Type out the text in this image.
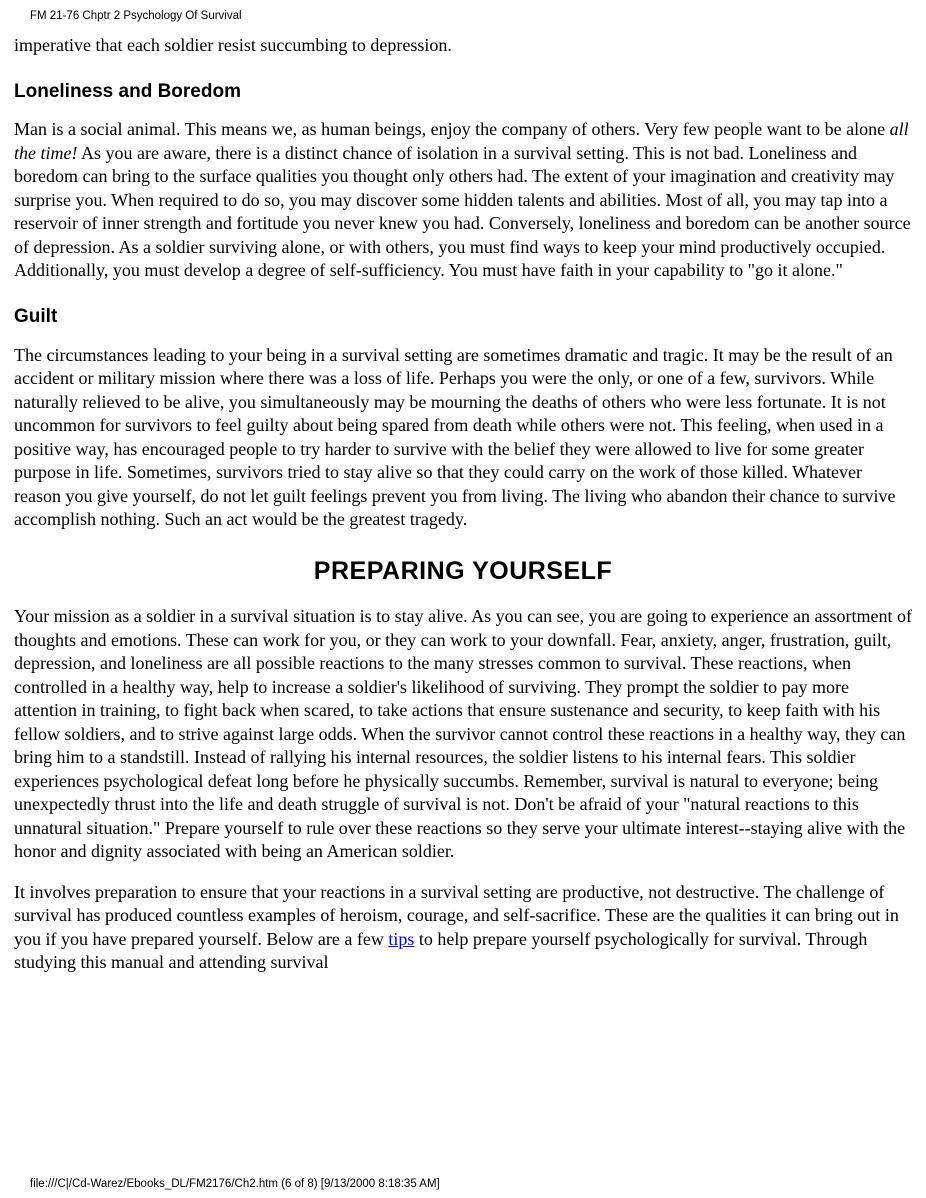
FM 21-76 Chptr 2 Psychology Of Survival

imperative that each soldier resist succumbing to depression.

Loneliness and Boredom

Man is a social animal. This means we, as human beings, enjoy the company of others. Very few people want to be alone all the time! As you are aware, there is a distinct chance of isolation in a survival setting. This is not bad. Loneliness and boredom can bring to the surface qualities you thought only others had. The extent of your imagination and creativity may surprise you. When required to do so, you may discover some hidden talents and abilities. Most of all, you may tap into a reservoir of inner strength and fortitude you never knew you had. Conversely, loneliness and boredom can be another source of depression. As a soldier surviving alone, or with others, you must find ways to keep your mind productively occupied. Additionally, you must develop a degree of self-sufficiency. You must have faith in your capability to "go it alone."

Guilt

The circumstances leading to your being in a survival setting are sometimes dramatic and tragic. It may be the result of an accident or military mission where there was a loss of life. Perhaps you were the only, or one of a few, survivors. While naturally relieved to be alive, you simultaneously may be mourning the deaths of others who were less fortunate. It is not uncommon for survivors to feel guilty about being spared from death while others were not. This feeling, when used in a positive way, has encouraged people to try harder to survive with the belief they were allowed to live for some greater purpose in life. Sometimes, survivors tried to stay alive so that they could carry on the work of those killed. Whatever reason you give yourself, do not let guilt feelings prevent you from living. The living who abandon their chance to survive accomplish nothing. Such an act would be the greatest tragedy.

PREPARING YOURSELF

Your mission as a soldier in a survival situation is to stay alive. As you can see, you are going to experience an assortment of thoughts and emotions. These can work for you, or they can work to your downfall. Fear, anxiety, anger, frustration, guilt, depression, and loneliness are all possible reactions to the many stresses common to survival. These reactions, when controlled in a healthy way, help to increase a soldier's likelihood of surviving. They prompt the soldier to pay more attention in training, to fight back when scared, to take actions that ensure sustenance and security, to keep faith with his fellow soldiers, and to strive against large odds. When the survivor cannot control these reactions in a healthy way, they can bring him to a standstill. Instead of rallying his internal resources, the soldier listens to his internal fears. This soldier experiences psychological defeat long before he physically succumbs. Remember, survival is natural to everyone; being unexpectedly thrust into the life and death struggle of survival is not. Don't be afraid of your "natural reactions to this unnatural situation." Prepare yourself to rule over these reactions so they serve your ultimate interest--staying alive with the honor and dignity associated with being an American soldier.

It involves preparation to ensure that your reactions in a survival setting are productive, not destructive. The challenge of survival has produced countless examples of heroism, courage, and self-sacrifice. These are the qualities it can bring out in you if you have prepared yourself. Below are a few tips to help prepare yourself psychologically for survival. Through studying this manual and attending survival

file:///C|/Cd-Warez/Ebooks_DL/FM2176/Ch2.htm (6 of 8) [9/13/2000 8:18:35 AM]
